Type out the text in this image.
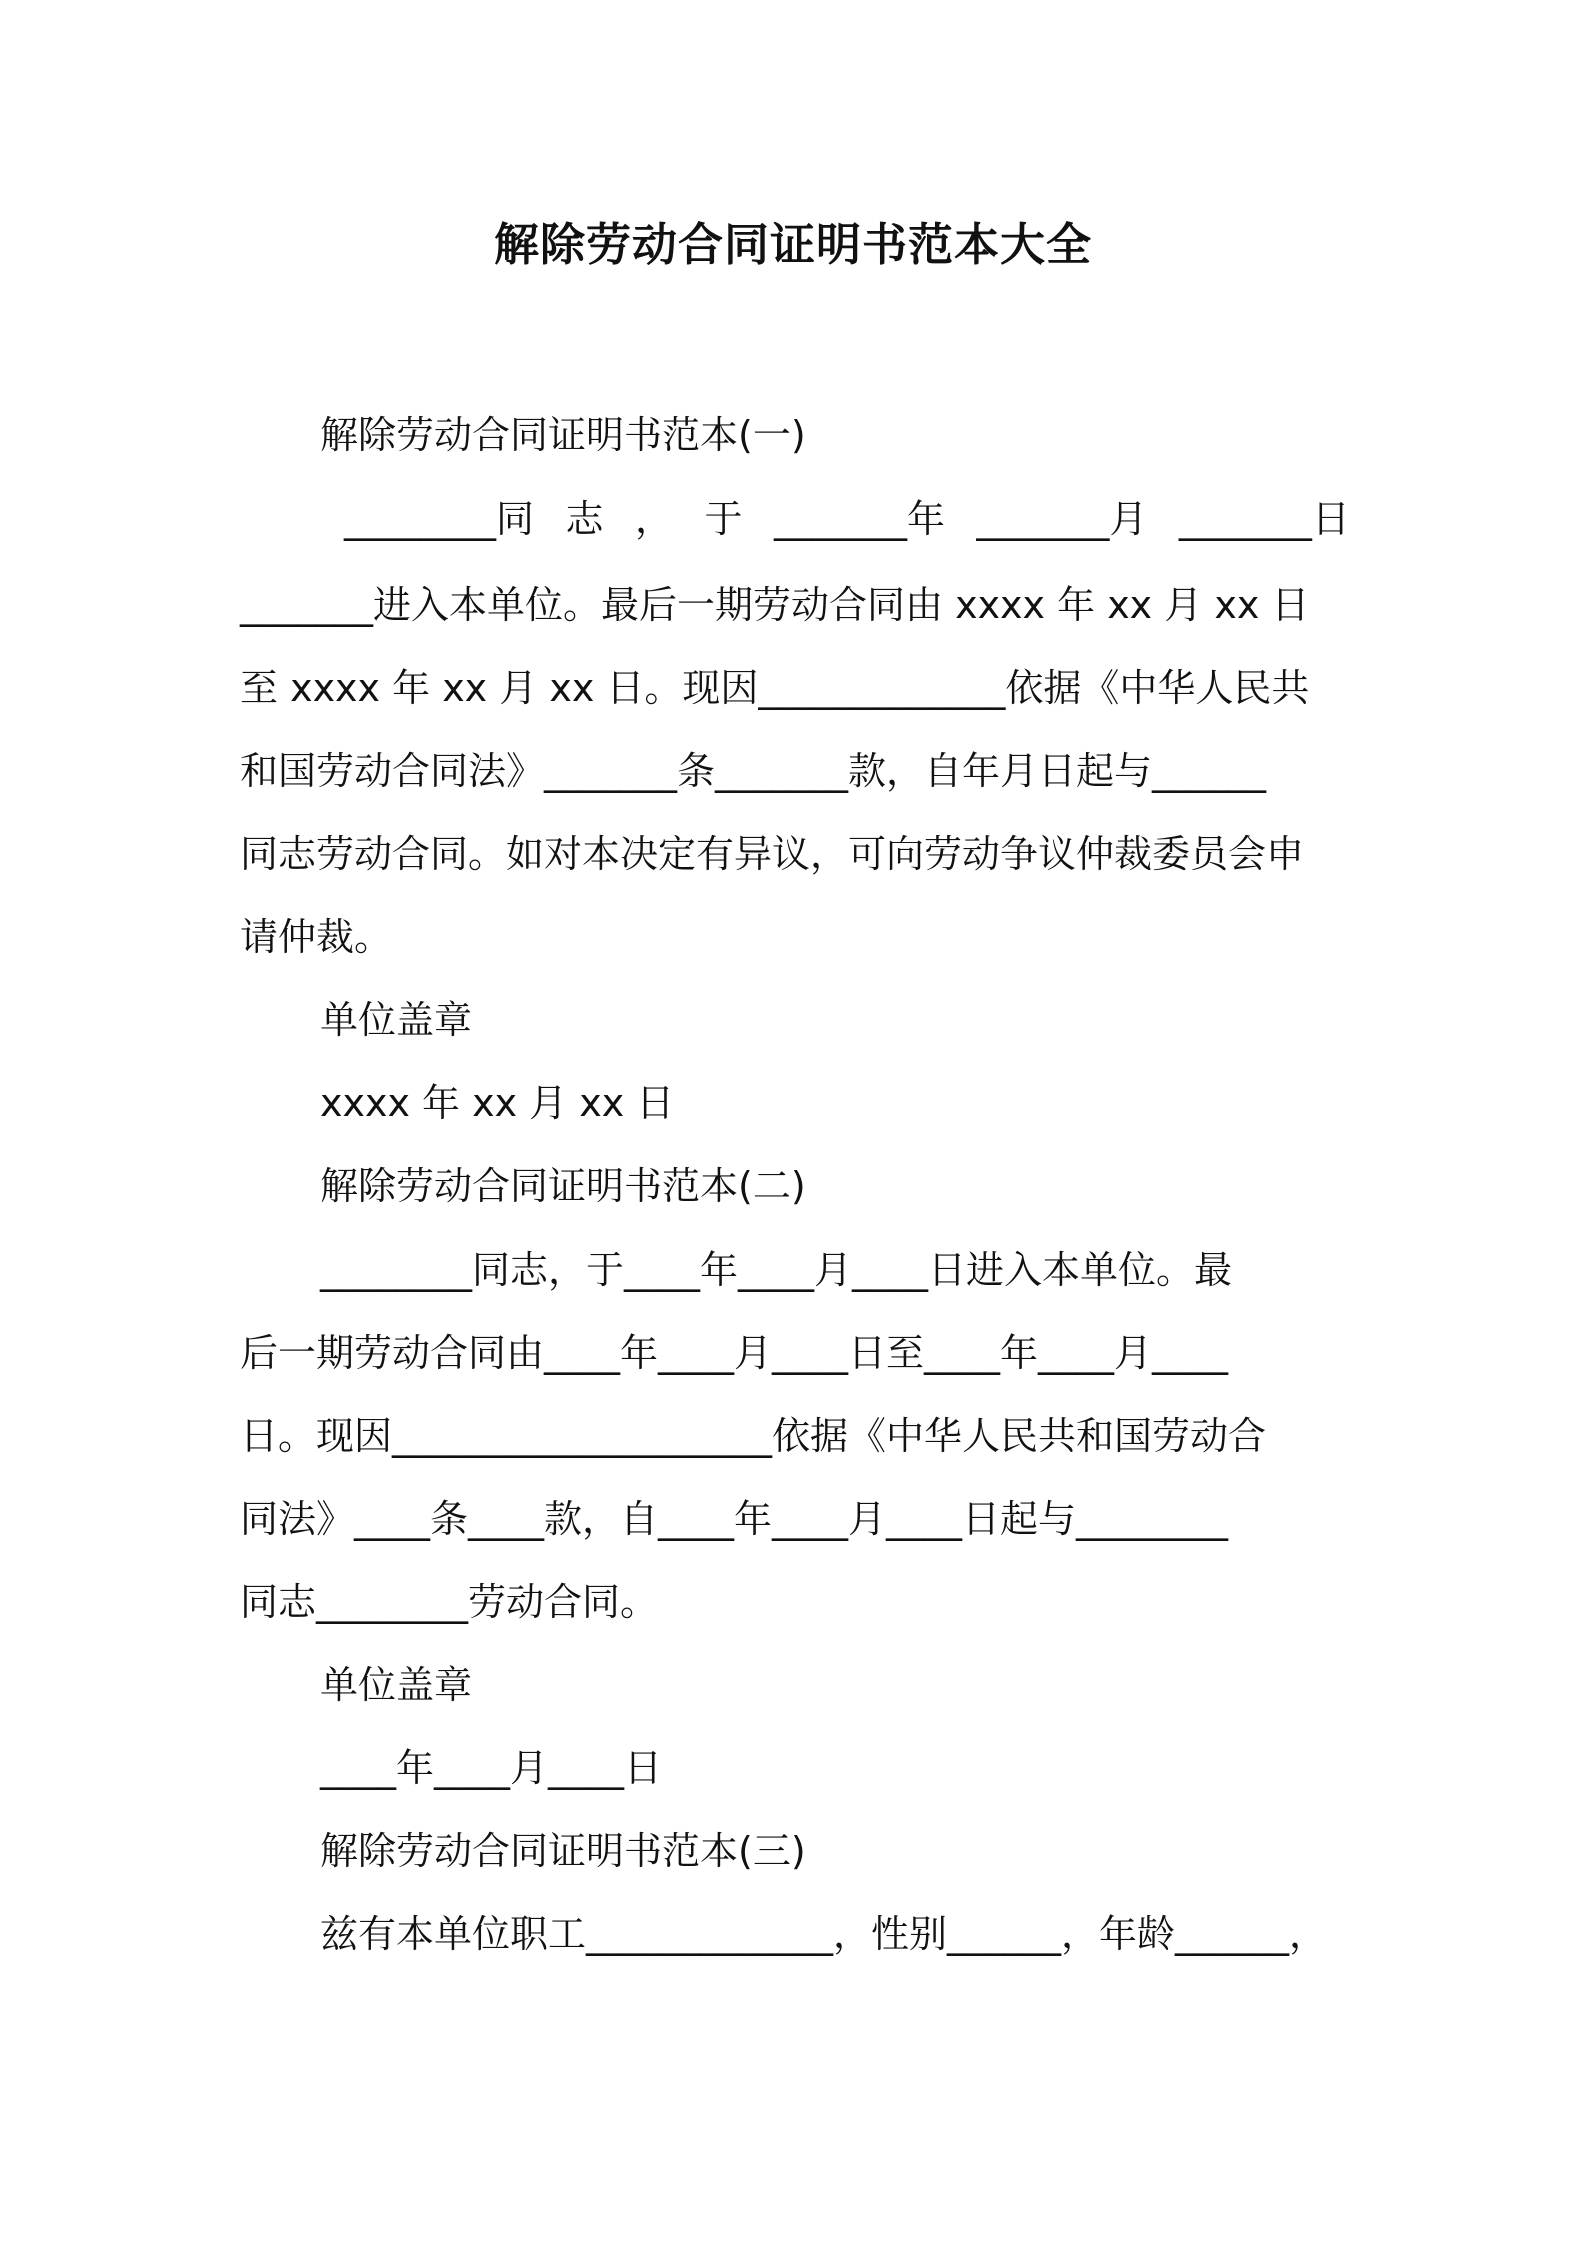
解除劳动合同证明书范本大全
解除劳动合同证明书范本(一)
________同 志 ， 于 _______年 _______月 _______日
_______进入本单位。最后一期劳动合同由 xxxx 年 xx 月 xx 日
至 xxxx 年 xx 月 xx 日。现因_____________依据《中华人民共
和国劳动合同法》_______条_______款，自年月日起与______
同志劳动合同。如对本决定有异议，可向劳动争议仲裁委员会申
请仲裁。
单位盖章
xxxx 年 xx 月 xx 日
解除劳动合同证明书范本(二)
________同志，于____年____月____日进入本单位。最
后一期劳动合同由____年____月____日至____年____月____
日。现因____________________依据《中华人民共和国劳动合
同法》____条____款，自____年____月____日起与________
同志________劳动合同。
单位盖章
____年____月____日
解除劳动合同证明书范本(三)
兹有本单位职工_____________，性别______，年龄______，
